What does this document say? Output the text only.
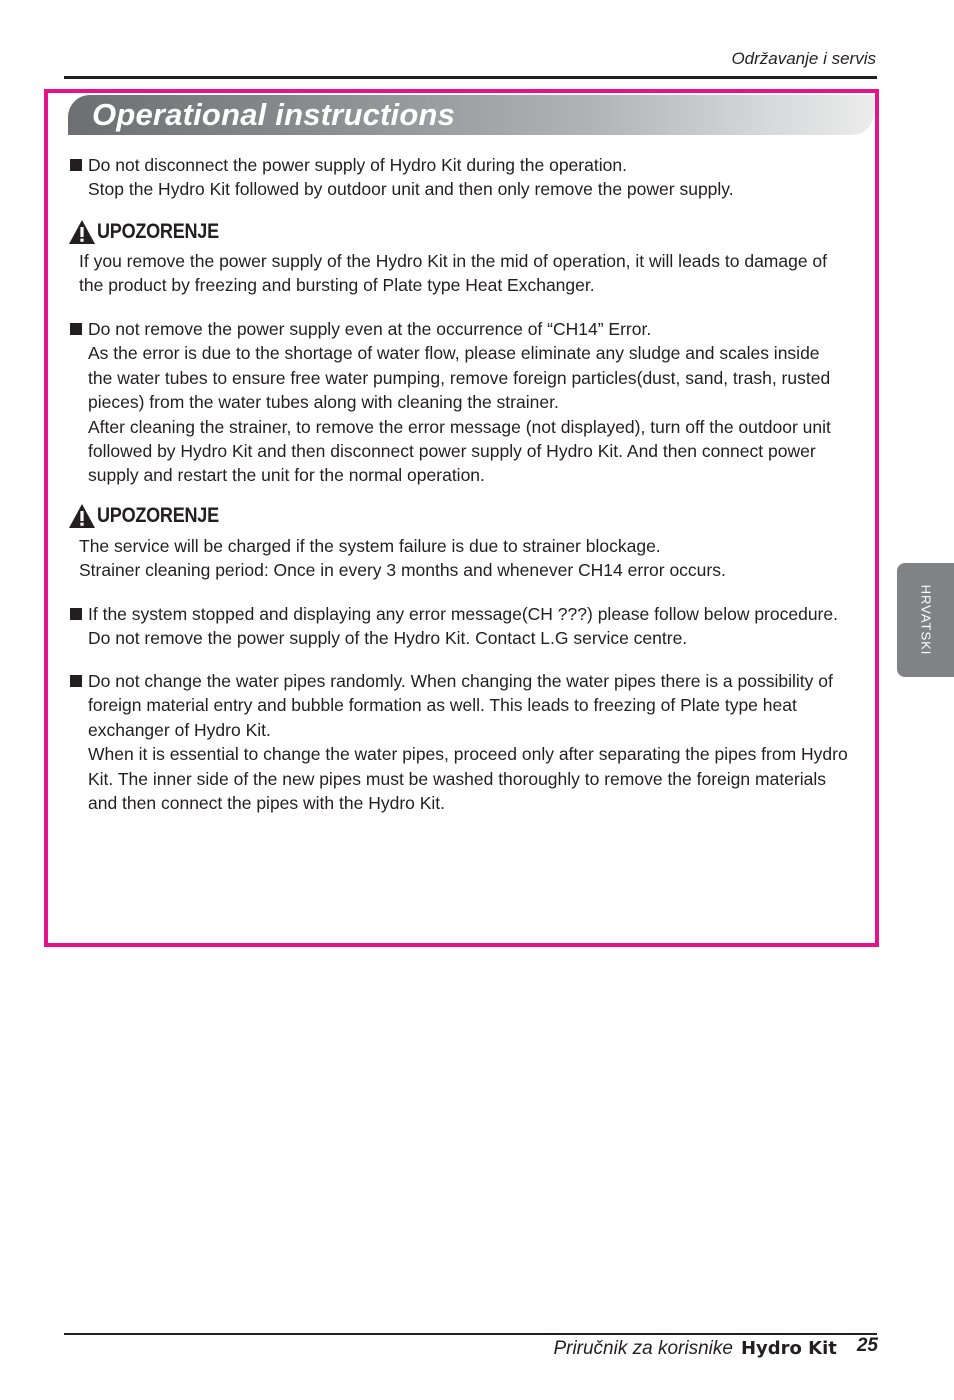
Održavanje i servis
Operational instructions
Do not disconnect the power supply of Hydro Kit during the operation.
Stop the Hydro Kit followed by outdoor unit and then only remove the power supply.
UPOZORENJE
If you remove the power supply of the Hydro Kit in the mid of operation, it will leads to damage of
the product by freezing and bursting of Plate type Heat Exchanger.
Do not remove the power supply even at the occurrence of “CH14” Error.
As the error is due to the shortage of water flow, please eliminate any sludge and scales inside
the water tubes to ensure free water pumping, remove foreign particles(dust, sand, trash, rusted
pieces) from the water tubes along with cleaning the strainer.
After cleaning the strainer, to remove the error message (not displayed), turn off the outdoor unit
followed by Hydro Kit and then disconnect power supply of Hydro Kit. And then connect power
supply and restart the unit for the normal operation.
UPOZORENJE
The service will be charged if the system failure is due to strainer blockage.
Strainer cleaning period: Once in every 3 months and whenever CH14 error occurs.
If the system stopped and displaying any error message(CH ???) please follow below procedure.
Do not remove the power supply of the Hydro Kit. Contact L.G service centre.
Do not change the water pipes randomly. When changing the water pipes there is a possibility of
foreign material entry and bubble formation as well. This leads to freezing of Plate type heat
exchanger of Hydro Kit.
When it is essential to change the water pipes, proceed only after separating the pipes from Hydro
Kit. The inner side of the new pipes must be washed thoroughly to remove the foreign materials
and then connect the pipes with the Hydro Kit.
HRVATSKI
Priručnik za korisnike Hydro Kit 25
